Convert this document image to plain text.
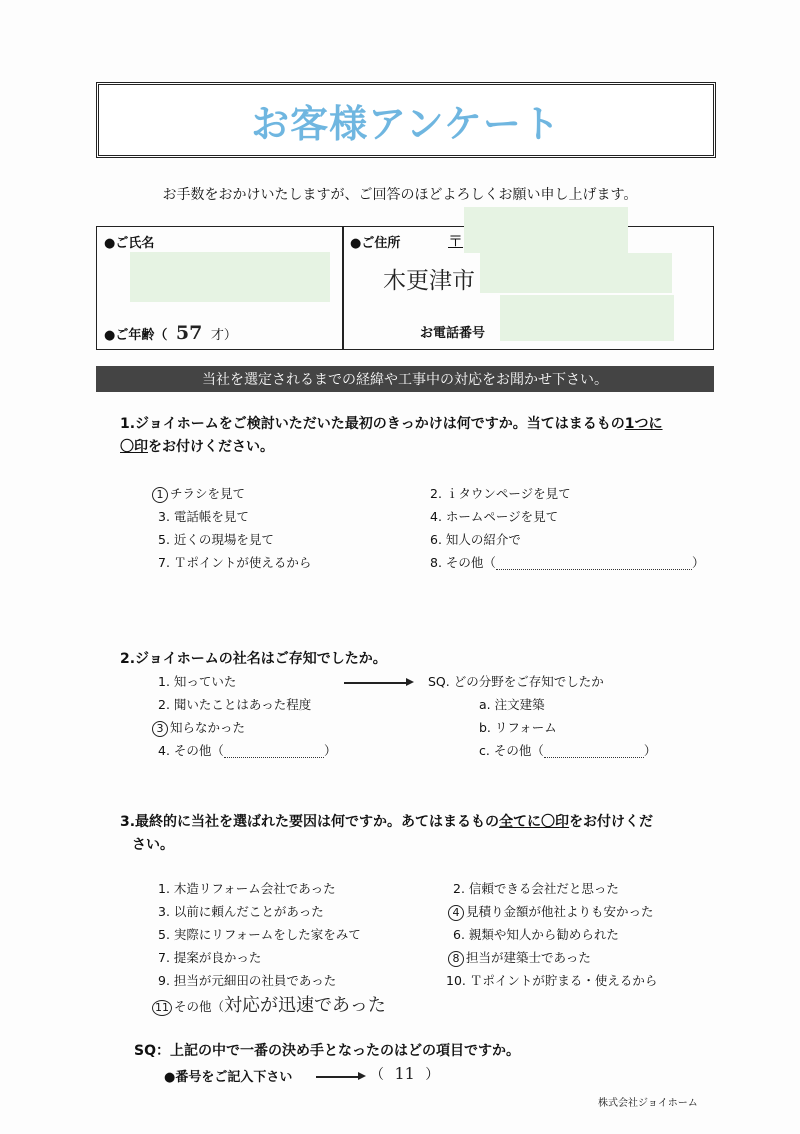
お客様アンケート
お手数をおかけいたしますが、ご回答のほどよろしくお願い申し上げます。
●ご氏名
●ご年齢（ 57 才）
●ご住所	〒
木更津市
お電話番号
当社を選定されるまでの経緯や工事中の対応をお聞かせ下さい。
1.ジョイホームをご検討いただいた最初のきっかけは何ですか。当てはまるもの1つに
〇印をお付けください。
1 チラシを見て	2. ｉタウンページを見て
3. 電話帳を見て	4. ホームページを見て
5. 近くの現場を見て	6. 知人の紹介で
7. Ｔポイントが使えるから	8. その他（	）
2.ジョイホームの社名はご存知でしたか。
1. 知っていた	SQ. どの分野をご存知でしたか
2. 聞いたことはあった程度	a. 注文建築
3 知らなかった	b. リフォーム
4. その他（	）	c. その他（	）
3.最終的に当社を選ばれた要因は何ですか。あてはまるもの全てに〇印をお付けくだ
さい。
1. 木造リフォーム会社であった	2. 信頼できる会社だと思った
3. 以前に頼んだことがあった	4 見積り金額が他社よりも安かった
5. 実際にリフォームをした家をみて	6. 親類や知人から勧められた
7. 提案が良かった	8 担当が建築士であった
9. 担当が元細田の社員であった	10. Ｔポイントが貯まる・使えるから
11 その他（対応が迅速であった
SQ：上記の中で一番の決め手となったのはどの項目ですか。
●番号をご記入下さい	（ 11 ）
株式会社ジョイホーム
